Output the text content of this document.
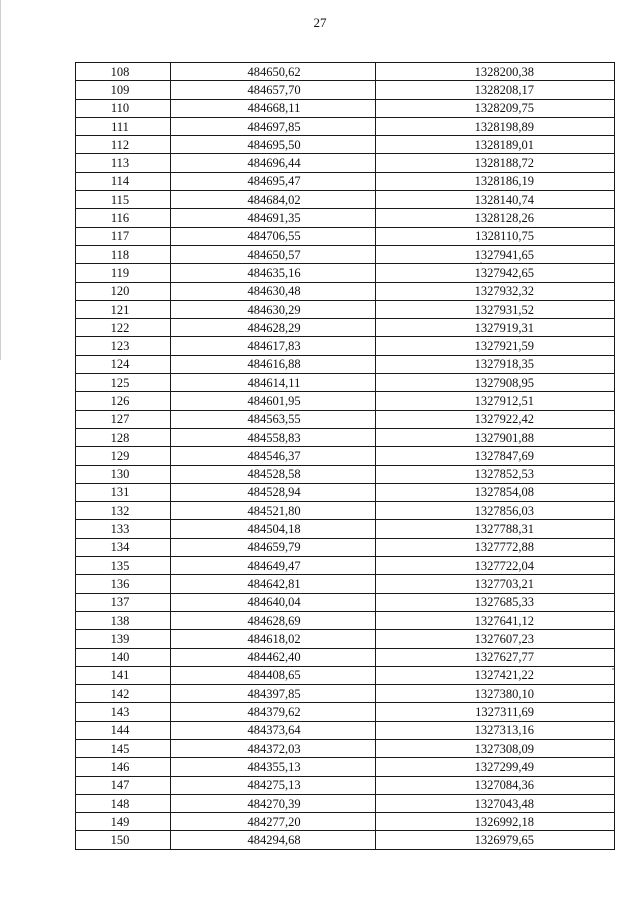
27
108	484650,62	1328200,38
109	484657,70	1328208,17
110	484668,11	1328209,75
111	484697,85	1328198,89
112	484695,50	1328189,01
113	484696,44	1328188,72
114	484695,47	1328186,19
115	484684,02	1328140,74
116	484691,35	1328128,26
117	484706,55	1328110,75
118	484650,57	1327941,65
119	484635,16	1327942,65
120	484630,48	1327932,32
121	484630,29	1327931,52
122	484628,29	1327919,31
123	484617,83	1327921,59
124	484616,88	1327918,35
125	484614,11	1327908,95
126	484601,95	1327912,51
127	484563,55	1327922,42
128	484558,83	1327901,88
129	484546,37	1327847,69
130	484528,58	1327852,53
131	484528,94	1327854,08
132	484521,80	1327856,03
133	484504,18	1327788,31
134	484659,79	1327772,88
135	484649,47	1327722,04
136	484642,81	1327703,21
137	484640,04	1327685,33
138	484628,69	1327641,12
139	484618,02	1327607,23
140	484462,40	1327627,77
141	484408,65	1327421,22
142	484397,85	1327380,10
143	484379,62	1327311,69
144	484373,64	1327313,16
145	484372,03	1327308,09
146	484355,13	1327299,49
147	484275,13	1327084,36
148	484270,39	1327043,48
149	484277,20	1326992,18
150	484294,68	1326979,65
